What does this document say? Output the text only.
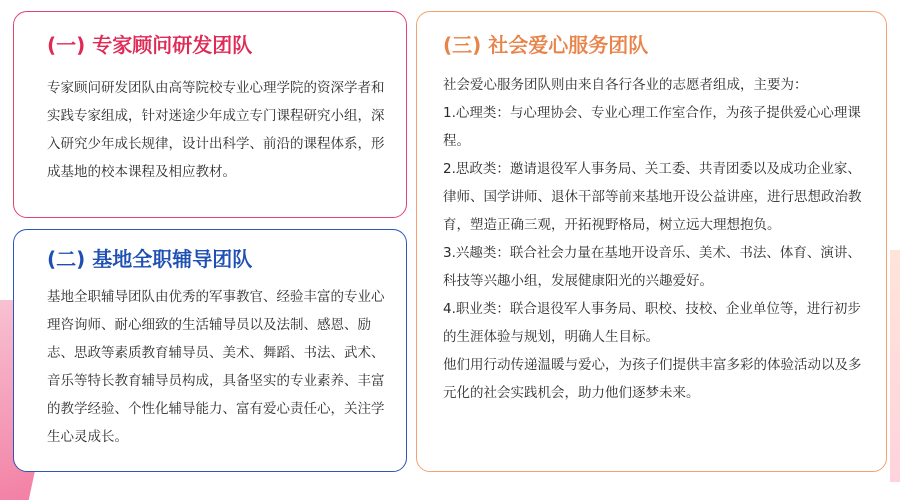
(一) 专家顾问研发团队

专家顾问研发团队由高等院校专业心理学院的资深学者和实践专家组成，针对迷途少年成立专门课程研究小组，深入研究少年成长规律，设计出科学、前沿的课程体系，形成基地的校本课程及相应教材。

(二) 基地全职辅导团队

基地全职辅导团队由优秀的军事教官、经验丰富的专业心理咨询师、耐心细致的生活辅导员以及法制、感恩、励志、思政等素质教育辅导员、美术、舞蹈、书法、武术、音乐等特长教育辅导员构成，具备坚实的专业素养、丰富的教学经验、个性化辅导能力、富有爱心责任心，关注学生心灵成长。

(三) 社会爱心服务团队
社会爱心服务团队则由来自各行各业的志愿者组成，主要为：
1.心理类：与心理协会、专业心理工作室合作，为孩子提供爱心心理课程。
2.思政类：邀请退役军人事务局、关工委、共青团委以及成功企业家、律师、国学讲师、退休干部等前来基地开设公益讲座，进行思想政治教育，塑造正确三观，开拓视野格局，树立远大理想抱负。
3.兴趣类：联合社会力量在基地开设音乐、美术、书法、体育、演讲、科技等兴趣小组，发展健康阳光的兴趣爱好。
4.职业类：联合退役军人事务局、职校、技校、企业单位等，进行初步的生涯体验与规划，明确人生目标。
他们用行动传递温暖与爱心，为孩子们提供丰富多彩的体验活动以及多元化的社会实践机会，助力他们逐梦未来。
